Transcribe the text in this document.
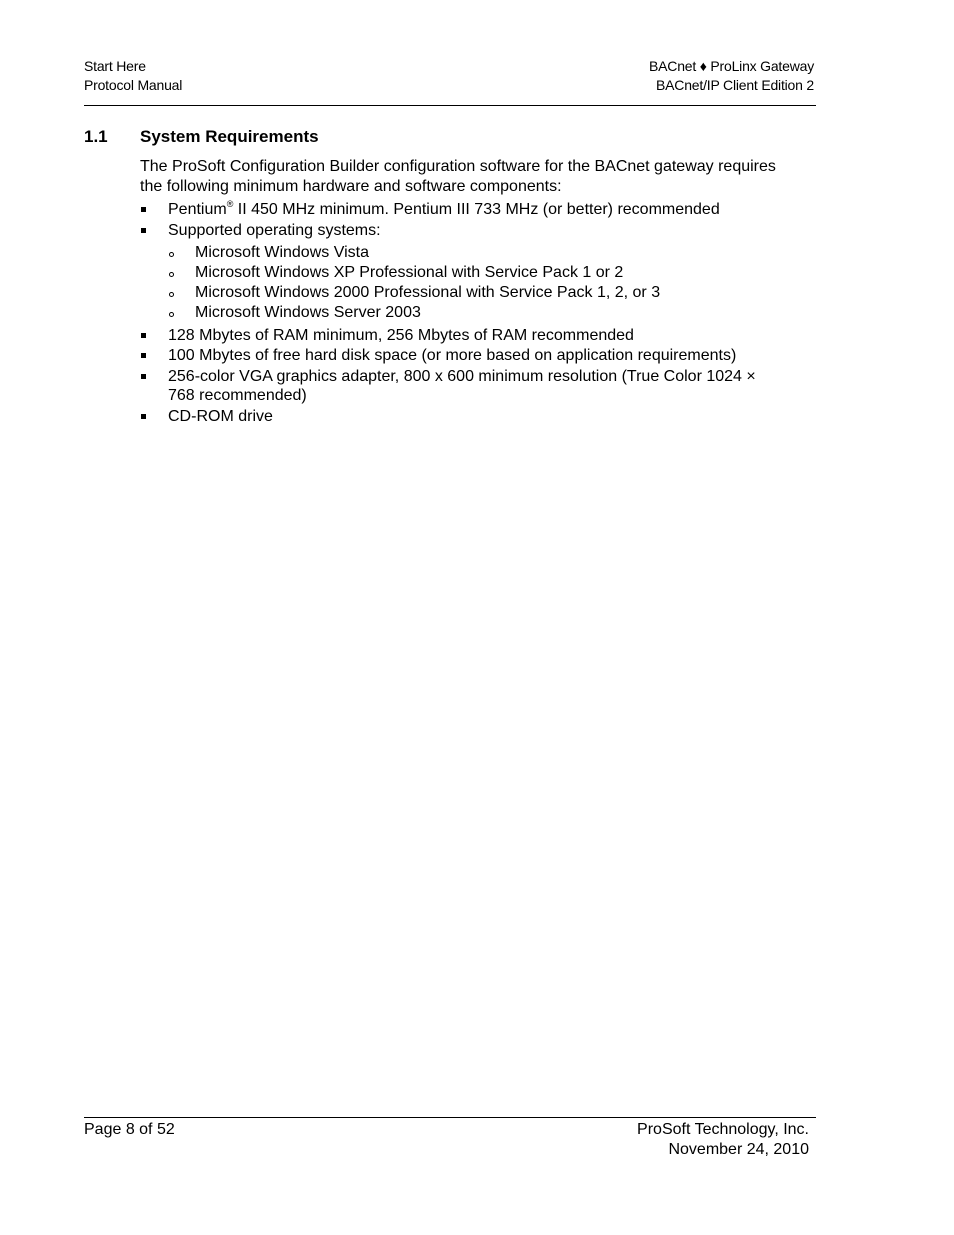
Start Here
Protocol Manual
BACnet ♦ ProLinx Gateway
BACnet/IP Client Edition 2
1.1 System Requirements

The ProSoft Configuration Builder configuration software for the BACnet gateway requires the following minimum hardware and software components:

Pentium® II 450 MHz minimum. Pentium III 733 MHz (or better) recommended
Supported operating systems:
Microsoft Windows Vista
Microsoft Windows XP Professional with Service Pack 1 or 2
Microsoft Windows 2000 Professional with Service Pack 1, 2, or 3
Microsoft Windows Server 2003
128 Mbytes of RAM minimum, 256 Mbytes of RAM recommended
100 Mbytes of free hard disk space (or more based on application requirements)
256-color VGA graphics adapter, 800 x 600 minimum resolution (True Color 1024 × 768 recommended)
CD-ROM drive
Page 8 of 52	ProSoft Technology, Inc.
November 24, 2010
